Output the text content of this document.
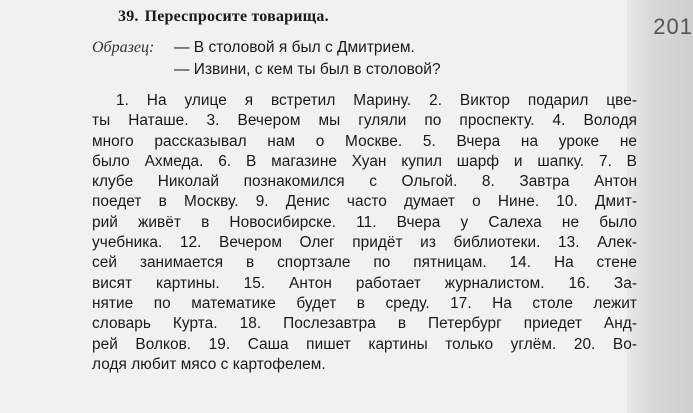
201
39. Переспросите товарища.
Образец:	— В столовой я был с Дмитрием.
— Извини, с кем ты был в столовой?
1. На улице я встретил Марину. 2. Виктор подарил цве-
ты Наташе. 3. Вечером мы гуляли по проспекту. 4. Володя
много рассказывал нам о Москве. 5. Вчера на уроке не
было Ахмеда. 6. В магазине Хуан купил шарф и шапку. 7. В
клубе Николай познакомился с Ольгой. 8. Завтра Антон
поедет в Москву. 9. Денис часто думает о Нине. 10. Дмит-
рий живёт в Новосибирске. 11. Вчера у Салеха не было
учебника. 12. Вечером Олег придёт из библиотеки. 13. Алек-
сей занимается в спортзале по пятницам. 14. На стене
висят картины. 15. Антон работает журналистом. 16. За-
нятие по математике будет в среду. 17. На столе лежит
словарь Курта. 18. Послезавтра в Петербург приедет Анд-
рей Волков. 19. Саша пишет картины только углём. 20. Во-
лодя любит мясо с картофелем.
